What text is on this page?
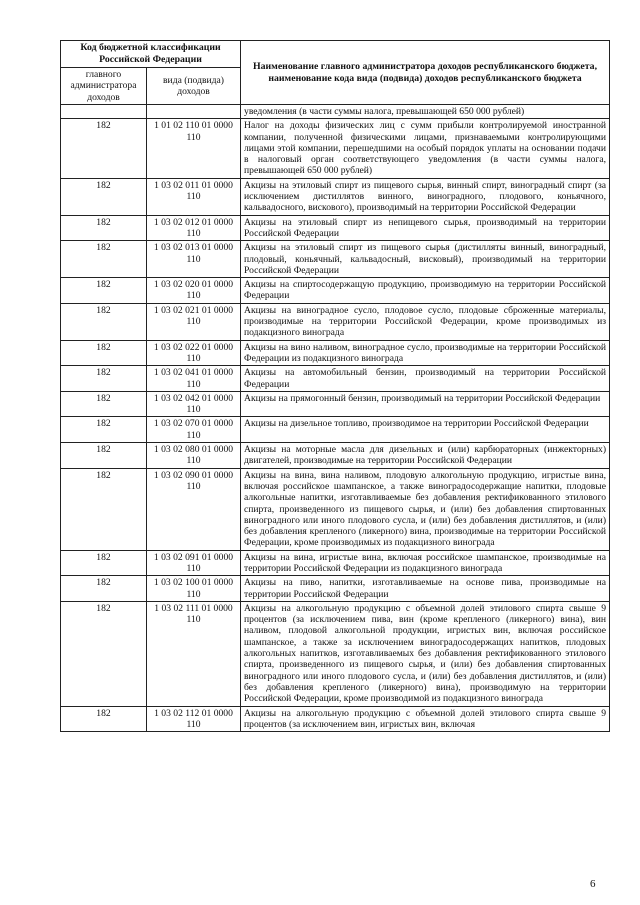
Код бюджетной классификации Российской Федерации		Наименование главного администратора доходов республиканского бюджета, наименование кода вида (подвида) доходов республиканского бюджета
главного администратора доходов	вида (подвида) доходов	
		уведомления (в части суммы налога, превышающей 650 000 рублей)
182	1 01 02 110 01 0000 110	Налог на доходы физических лиц с сумм прибыли контролируемой иностранной компании, полученной физическими лицами, признаваемыми контролирующими лицами этой компании, перешедшими на особый порядок уплаты на основании подачи в налоговый орган соответствующего уведомления (в части суммы налога, превышающей 650 000 рублей)
182	1 03 02 011 01 0000 110	Акцизы на этиловый спирт из пищевого сырья, винный спирт, виноградный спирт (за исключением дистиллятов винного, виноградного, плодового, коньячного, кальвадосного, вискового), производимый на территории Российской Федерации
182	1 03 02 012 01 0000 110	Акцизы на этиловый спирт из непищевого сырья, производимый на территории Российской Федерации
182	1 03 02 013 01 0000 110	Акцизы на этиловый спирт из пищевого сырья (дистилляты винный, виноградный, плодовый, коньячный, кальвадосный, висковый), производимый на территории Российской Федерации
182	1 03 02 020 01 0000 110	Акцизы на спиртосодержащую продукцию, производимую на территории Российской Федерации
182	1 03 02 021 01 0000 110	Акцизы на виноградное сусло, плодовое сусло, плодовые сброженные материалы, производимые на территории Российской Федерации, кроме производимых из подакцизного винограда
182	1 03 02 022 01 0000 110	Акцизы на вино наливом, виноградное сусло, производимые на территории Российской Федерации из подакцизного винограда
182	1 03 02 041 01 0000 110	Акцизы на автомобильный бензин, производимый на территории Российской Федерации
182	1 03 02 042 01 0000 110	Акцизы на прямогонный бензин, производимый на территории Российской Федерации
182	1 03 02 070 01 0000 110	Акцизы на дизельное топливо, производимое на территории Российской Федерации
182	1 03 02 080 01 0000 110	Акцизы на моторные масла для дизельных и (или) карбюраторных (инжекторных) двигателей, производимые на территории Российской Федерации
182	1 03 02 090 01 0000 110	Акцизы на вина, вина наливом, плодовую алкогольную продукцию, игристые вина, включая российское шампанское, а также виноградосодержащие напитки, плодовые алкогольные напитки, изготавливаемые без добавления ректификованного этилового спирта, произведенного из пищевого сырья, и (или) без добавления спиртованных виноградного или иного плодового сусла, и (или) без добавления дистиллятов, и (или) без добавления крепленого (ликерного) вина, производимые на территории Российской Федерации, кроме производимых из подакцизного винограда
182	1 03 02 091 01 0000 110	Акцизы на вина, игристые вина, включая российское шампанское, производимые на территории Российской Федерации из подакцизного винограда
182	1 03 02 100 01 0000 110	Акцизы на пиво, напитки, изготавливаемые на основе пива, производимые на территории Российской Федерации
182	1 03 02 111 01 0000 110	Акцизы на алкогольную продукцию с объемной долей этилового спирта свыше 9 процентов (за исключением пива, вин (кроме крепленого (ликерного) вина), вин наливом, плодовой алкогольной продукции, игристых вин, включая российское шампанское, а также за исключением виноградосодержащих напитков, плодовых алкогольных напитков, изготавливаемых без добавления ректификованного этилового спирта, произведенного из пищевого сырья, и (или) без добавления спиртованных виноградного или иного плодового сусла, и (или) без добавления дистиллятов, и (или) без добавления крепленого (ликерного) вина), производимую на территории Российской Федерации, кроме производимой из подакцизного винограда
182	1 03 02 112 01 0000 110	Акцизы на алкогольную продукцию с объемной долей этилового спирта свыше 9 процентов (за исключением вин, игристых вин, включая
6
